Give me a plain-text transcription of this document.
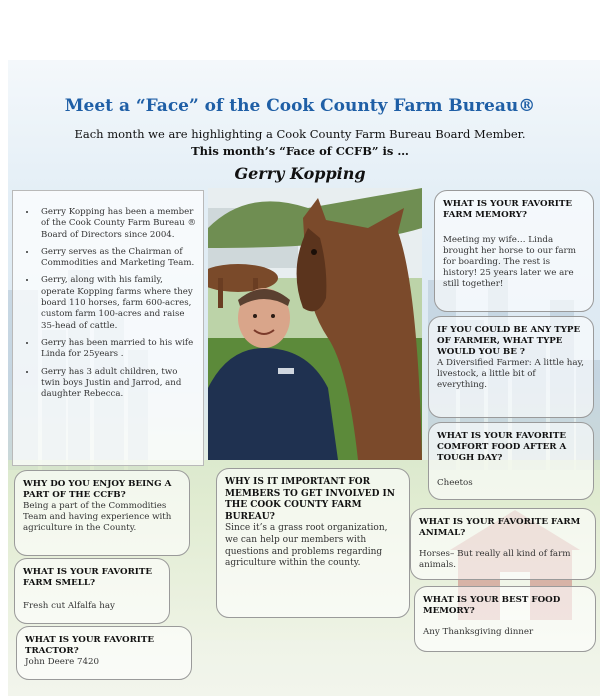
Meet a “Face” of the Cook County Farm Bureau®
Each month we are highlighting a Cook County Farm Bureau Board Member.
This month’s “Face of CCFB” is …
Gerry Kopping
• Gerry Kopping has been a member of the Cook County Farm Bureau ® Board of Directors since 2004.
• Gerry serves as the Chairman of Commodities and Marketing Team.
• Gerry, along with his family, operate Kopping farms where they board 110 horses, farm 600-acres, custom farm 100-acres and raise 35-head of cattle.
• Gerry has been married to his wife Linda for 25years .
• Gerry has 3 adult children, two twin boys Justin and Jarrod, and daughter Rebecca.
WHAT IS YOUR FAVORITE FARM MEMORY?
Meeting my wife… Linda brought her horse to our farm for boarding. The rest is history! 25 years later we are still together!
IF YOU COULD BE ANY TYPE OF FARMER, WHAT TYPE WOULD YOU BE ?
A Diversified Farmer: A little hay, livestock, a little bit of everything.
WHAT IS YOUR FAVORITE COMFORT FOOD AFTER A TOUGH DAY?
Cheetos
WHY DO YOU ENJOY BEING A PART OF THE CCFB?
Being a part of the Commodities Team and having experience with agriculture in the County.
WHY IS IT IMPORTANT FOR MEMBERS TO GET INVOLVED IN THE COOK COUNTY FARM BUREAU?
Since it’s a grass root organization, we can help our members with questions and problems regarding agriculture within the county.
WHAT IS YOUR FAVORITE FARM ANIMAL?
Horses– But really all kind of farm animals.
WHAT IS YOUR FAVORITE FARM SMELL?
Fresh cut Alfalfa hay
WHAT IS YOUR BEST FOOD MEMORY?
Any Thanksgiving dinner
WHAT IS YOUR FAVORITE TRACTOR?
John Deere 7420
